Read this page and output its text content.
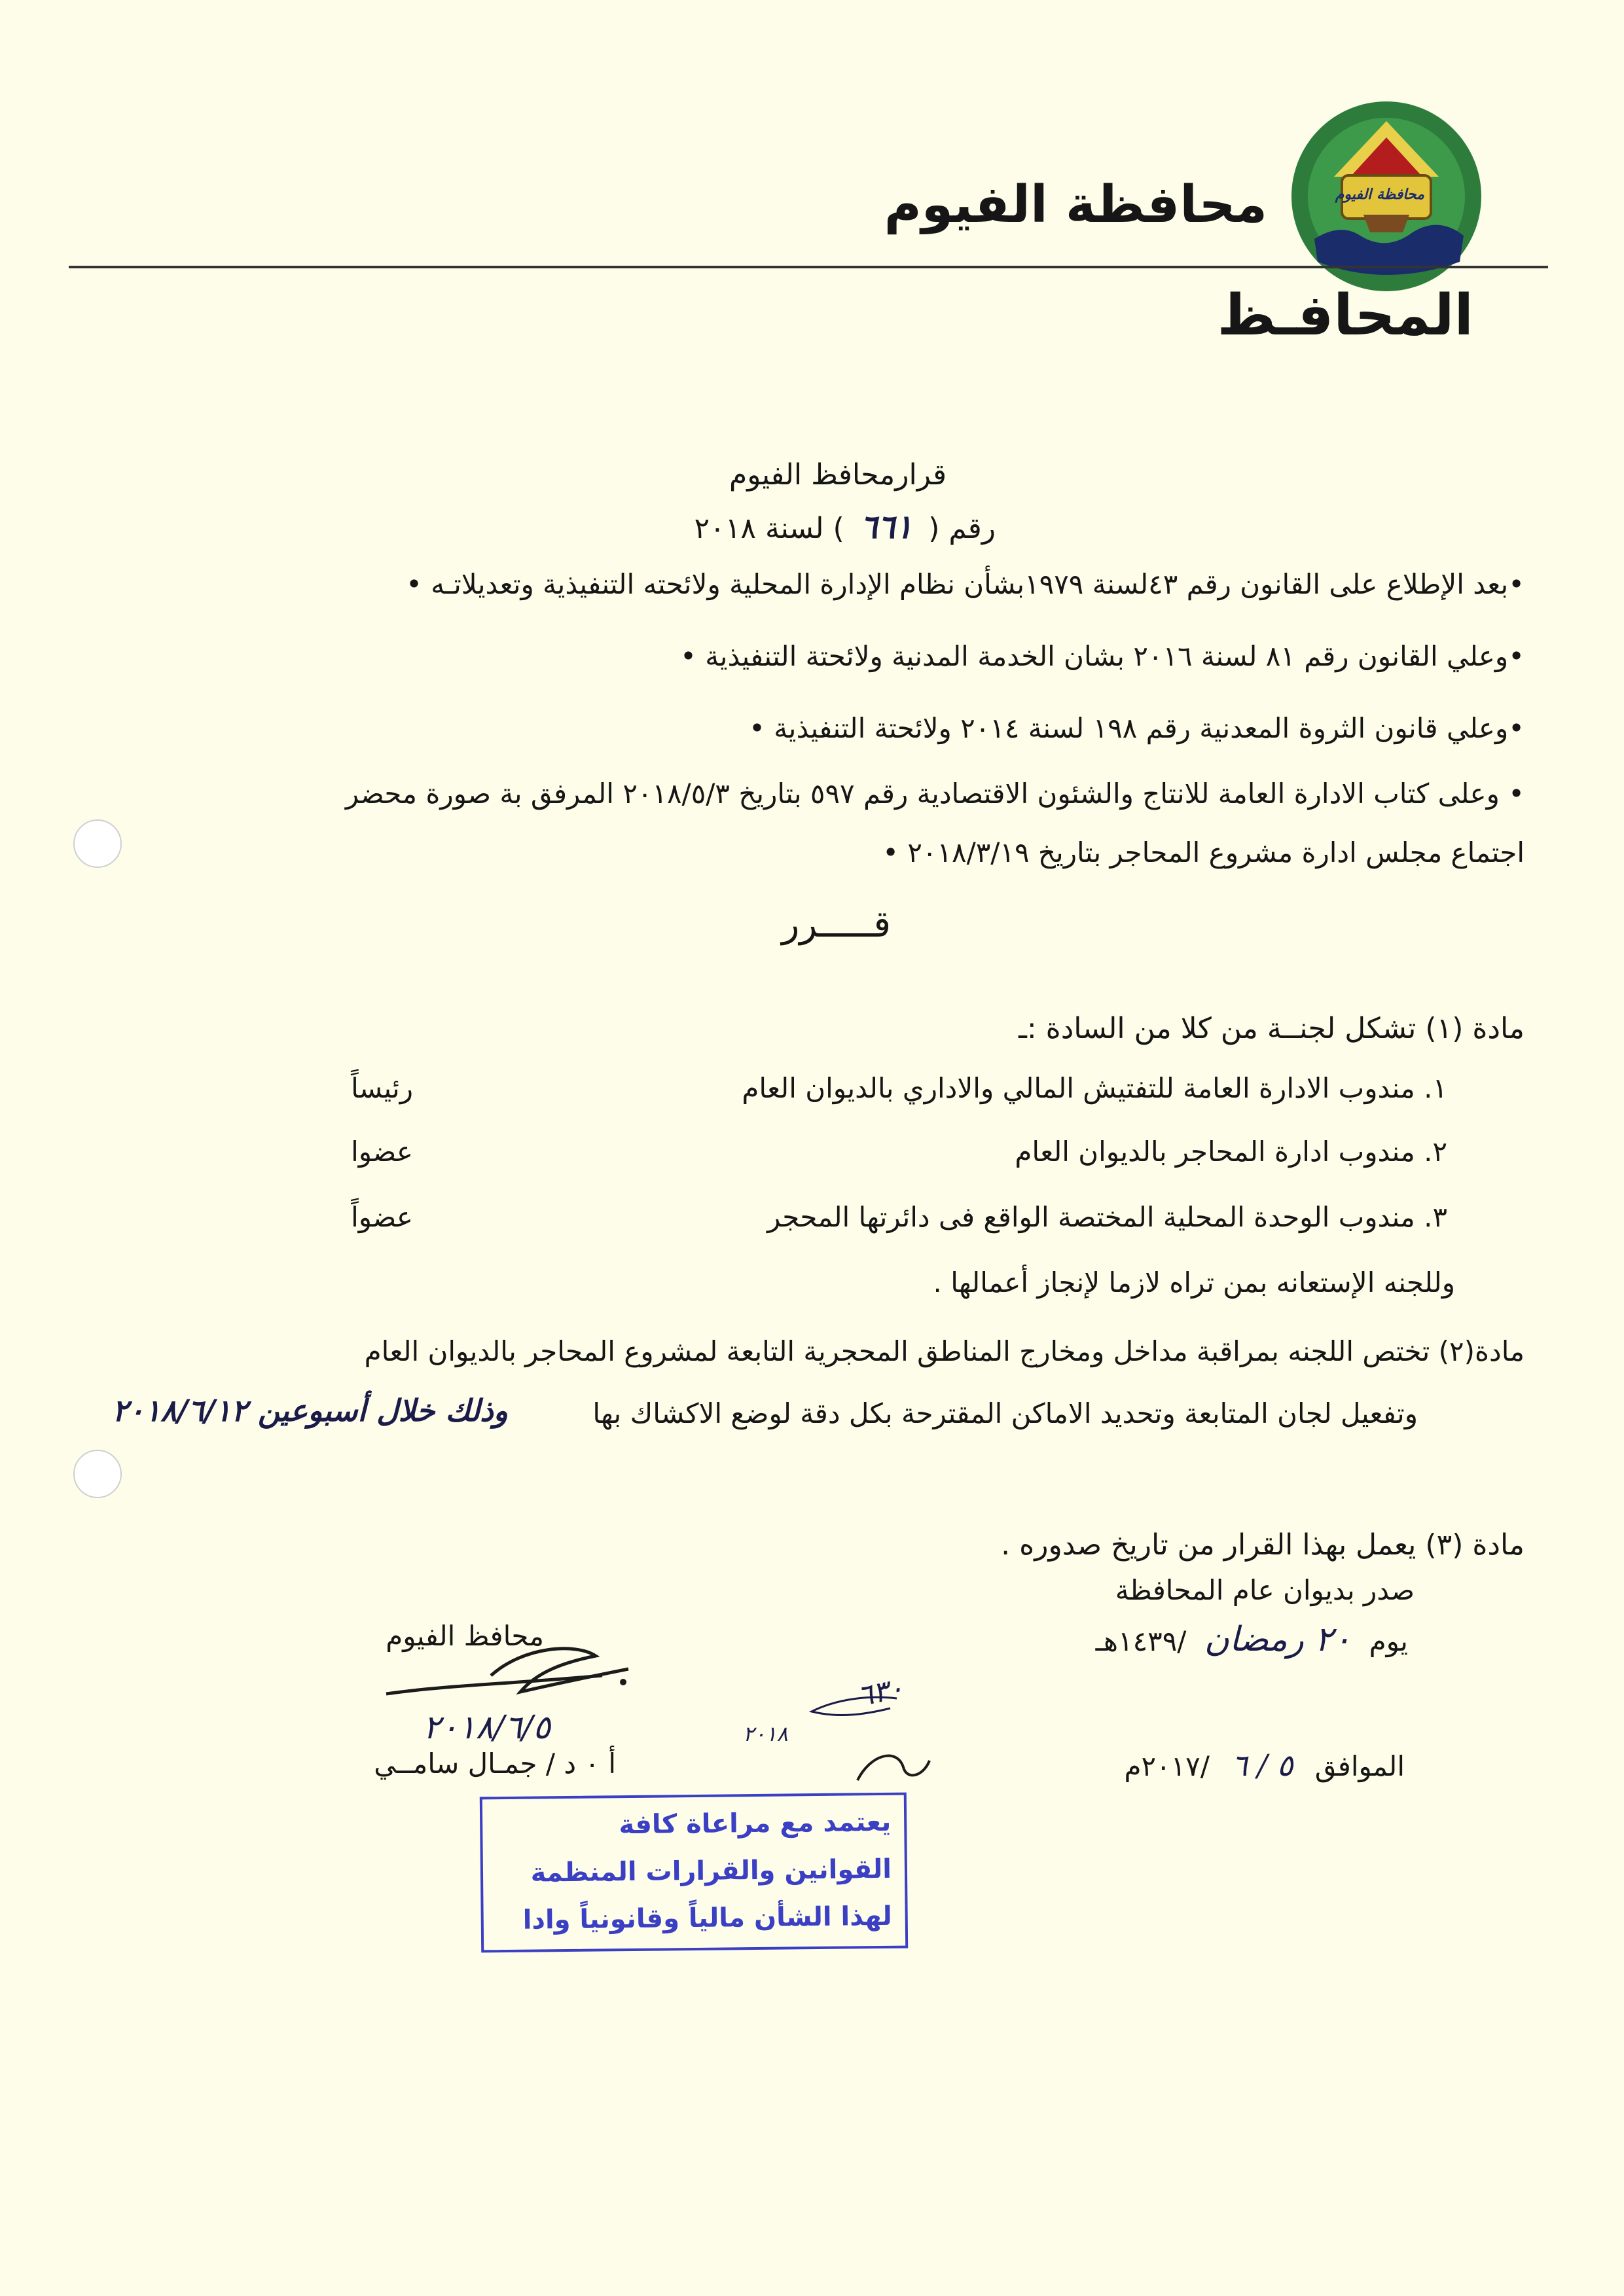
محافظة الفيوم
محافظة الفيوم
المحافـظ
قرارمحافظ الفيوم
رقم ( ٦٦١ ) لسنة ٢٠١٨
•بعد الإطلاع على القانون رقم ٤٣لسنة ١٩٧٩بشأن نظام الإدارة المحلية ولائحته التنفيذية وتعديلاتـه •
•وعلي القانون رقم ٨١ لسنة ٢٠١٦ بشان الخدمة المدنية ولائحتة التنفيذية •
•وعلي قانون الثروة المعدنية رقم ١٩٨ لسنة ٢٠١٤ ولائحتة التنفيذية •
• وعلى كتاب الادارة العامة للانتاج والشئون الاقتصادية رقم ٥٩٧ بتاريخ ٢٠١٨/٥/٣ المرفق بة صورة محضر
اجتماع مجلس ادارة مشروع المحاجر بتاريخ ٢٠١٨/٣/١٩ •
قـــــرر
مادة (١) تشكل لجنــة من كلا من السادة :ـ
١. مندوب الادارة العامة للتفتيش المالي والاداري بالديوان العام
رئيساً
٢. مندوب ادارة المحاجر بالديوان العام
عضوا
٣. مندوب الوحدة المحلية المختصة الواقع فى دائرتها المحجر
عضواً
وللجنه الإستعانه بمن تراه لازما لإنجاز أعمالها .
مادة(٢) تختص اللجنه بمراقبة مداخل ومخارج المناطق المحجرية التابعة لمشروع المحاجر بالديوان العام
وتفعيل لجان المتابعة وتحديد الاماكن المقترحة بكل دقة لوضع الاكشاك بها
وذلك خلال أسبوعين ٢٠١٨/٦/١٢
مادة (٣) يعمل بهذا القرار من تاريخ صدوره .
صدر بديوان عام المحافظة
يوم ٢٠ رمضان /١٤٣٩هـ
الموافق ٥ / ٦ /٢٠١٧م
محافظ الفيوم
٢٠١٨/٦/٥
أ ٠ د / جمـال سامــي
٦٣٠
٢٠١٨
يعتمد مع مراعاة كافة
القوانين والقرارات المنظمة
لهذا الشأن مالياً وقانونياً وادا
